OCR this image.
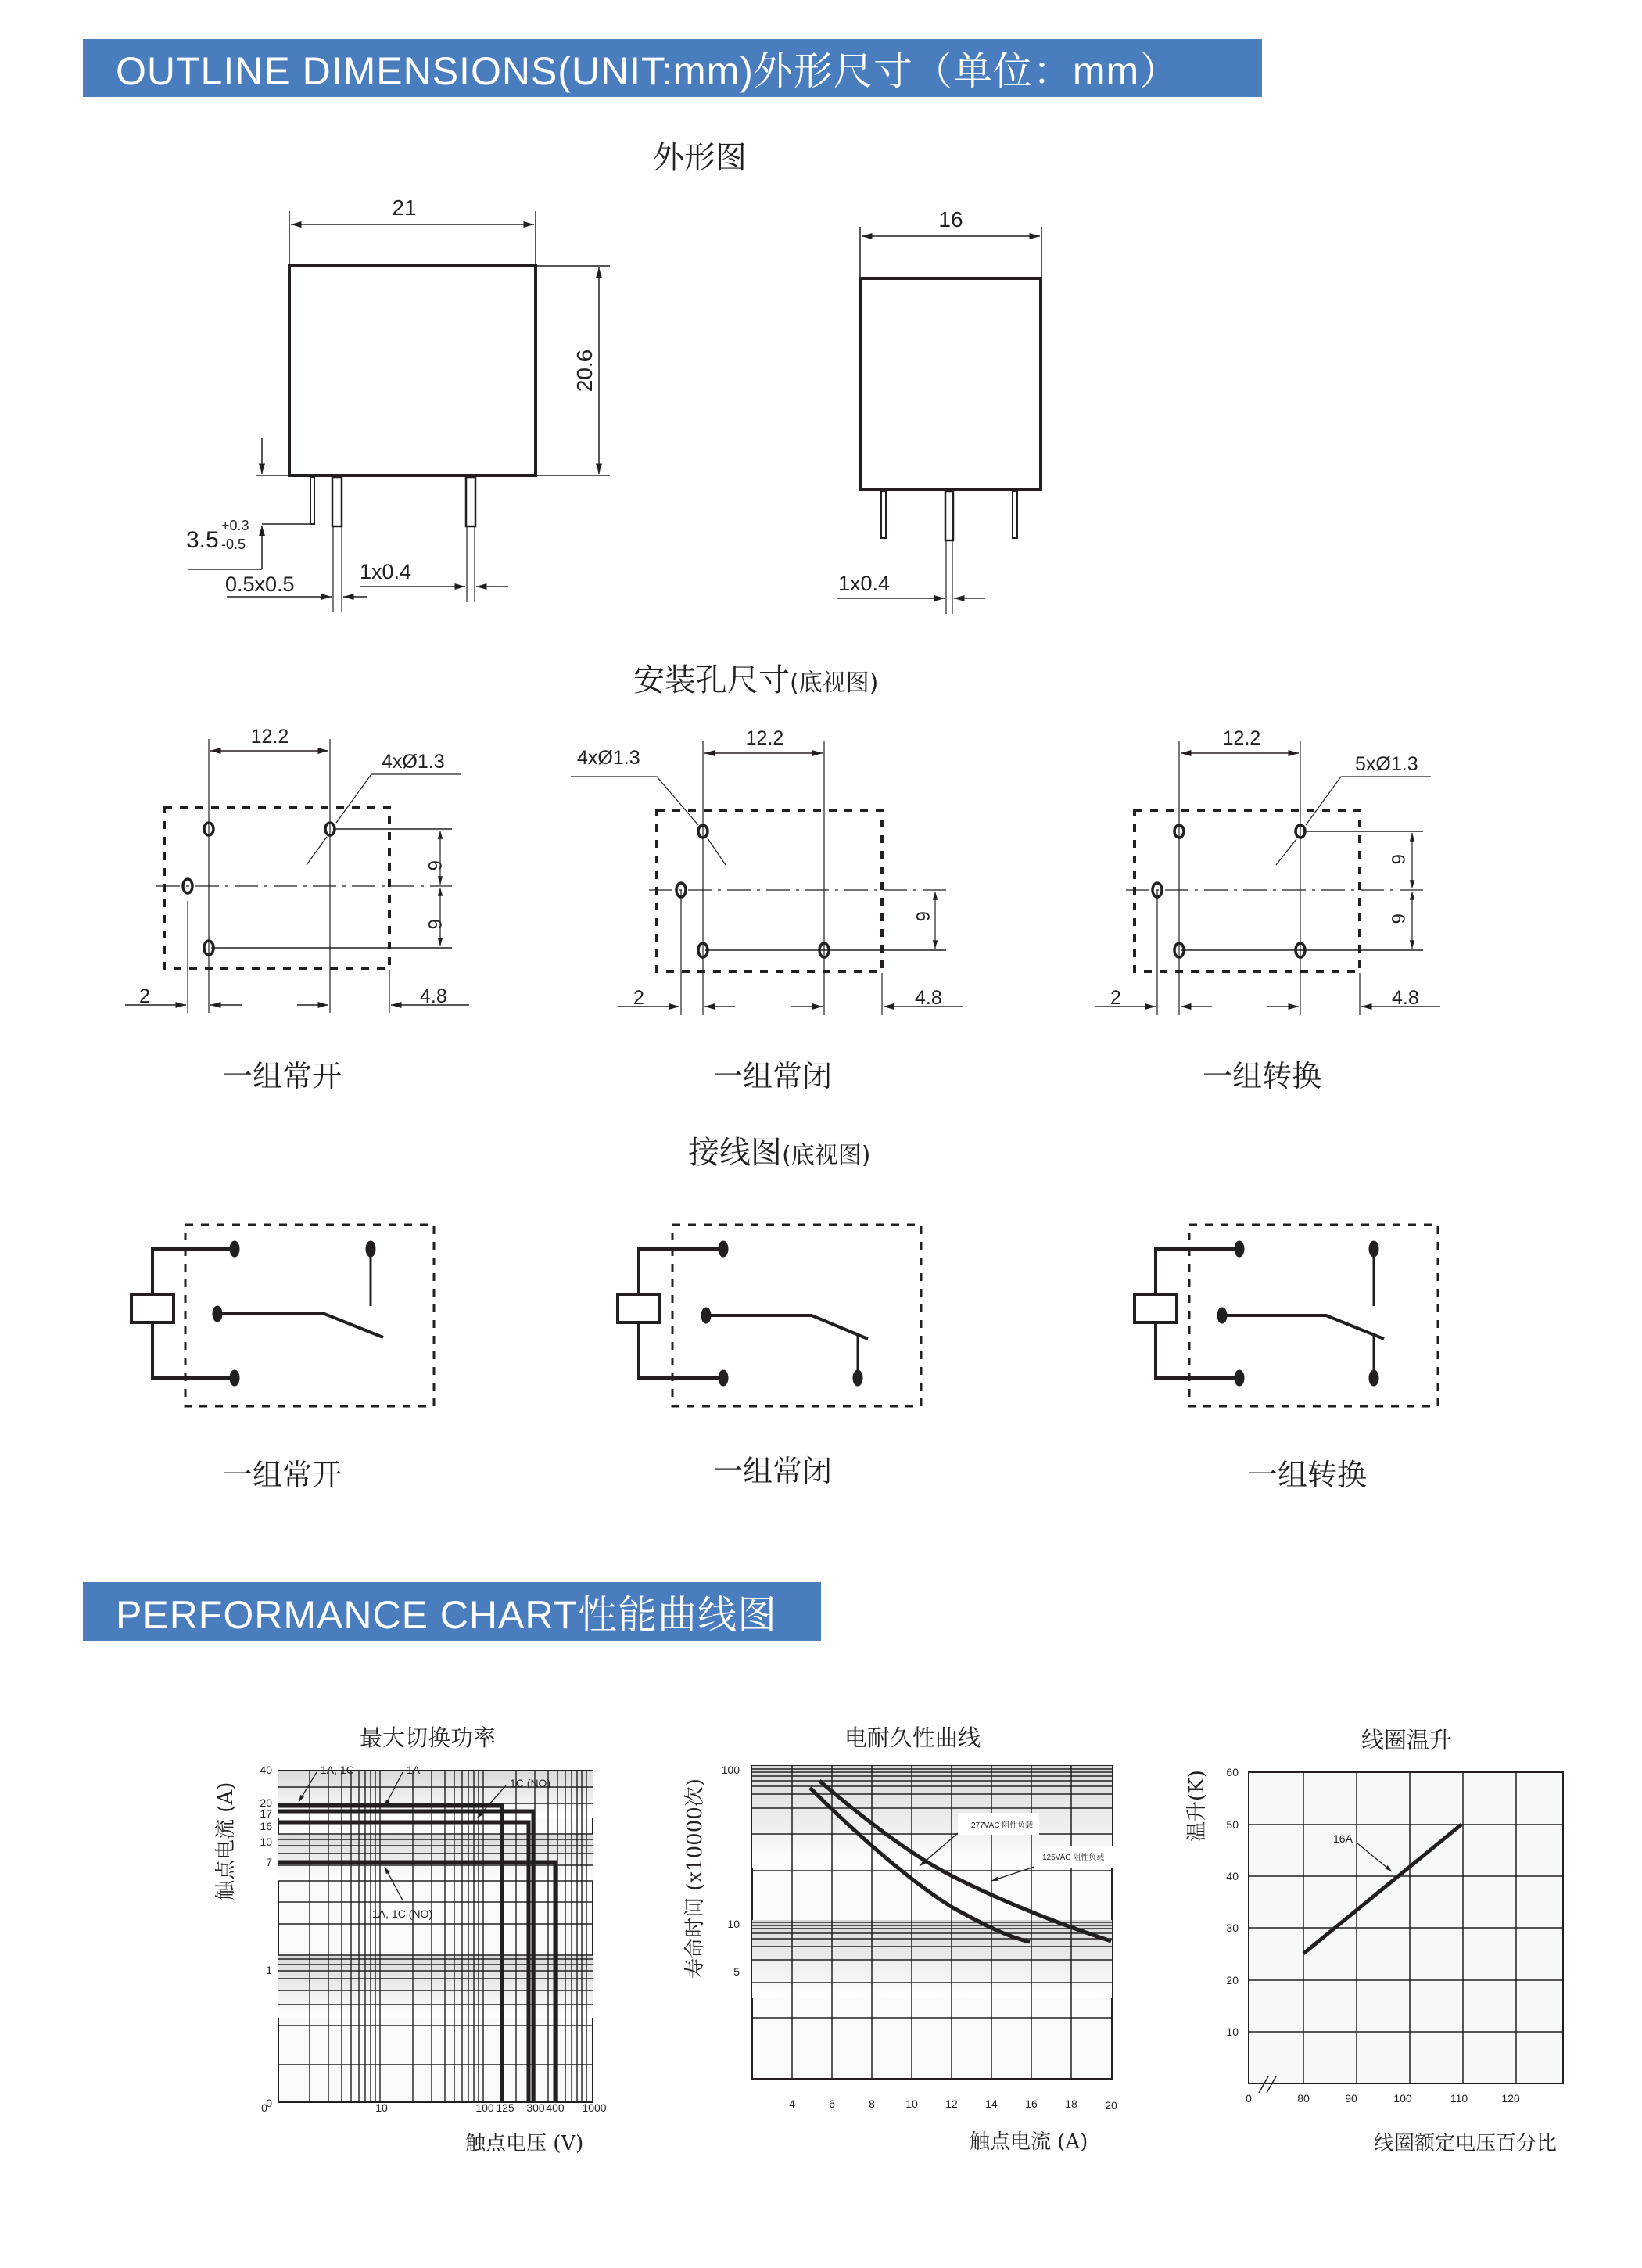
OUTLINE DIMENSIONS(UNIT:mm)外形尺寸（单位：mm）
PERFORMANCE CHART性能曲线图
外形图
安装孔尺寸(底视图)
接线图(底视图)
21
20.6
3.5
+0.3
-0.5
0.5x0.5
1x0.4
16
1x0.4
12.2
4xØ1.3
6
6
2	4.8
12.2
4xØ1.3
6
2	4.8
12.2
5xØ1.3
6
6
2	4.8
一组常开	一组常闭	一组转换
一组常开	一组常闭	一组转换
最大切换功率	电耐久性曲线	线圈温升
触点电流 (A)	寿命时间 (x10000次)	温升(K)
触点电压 (V)	触点电流 (A)	线圈额定电压百分比
1A, 1C	1A
1C (NO)
1A, 1C (NO)
40
20
17
16
10
7
1
0
0	10	100 125 300 400 1000
277VAC 阻性负载
125VAC 阻性负载
100
10
5
4	6	8	10	12	14	16	18	20
16A
60
50
40
30
20
10
0	80	90	100	110	120
